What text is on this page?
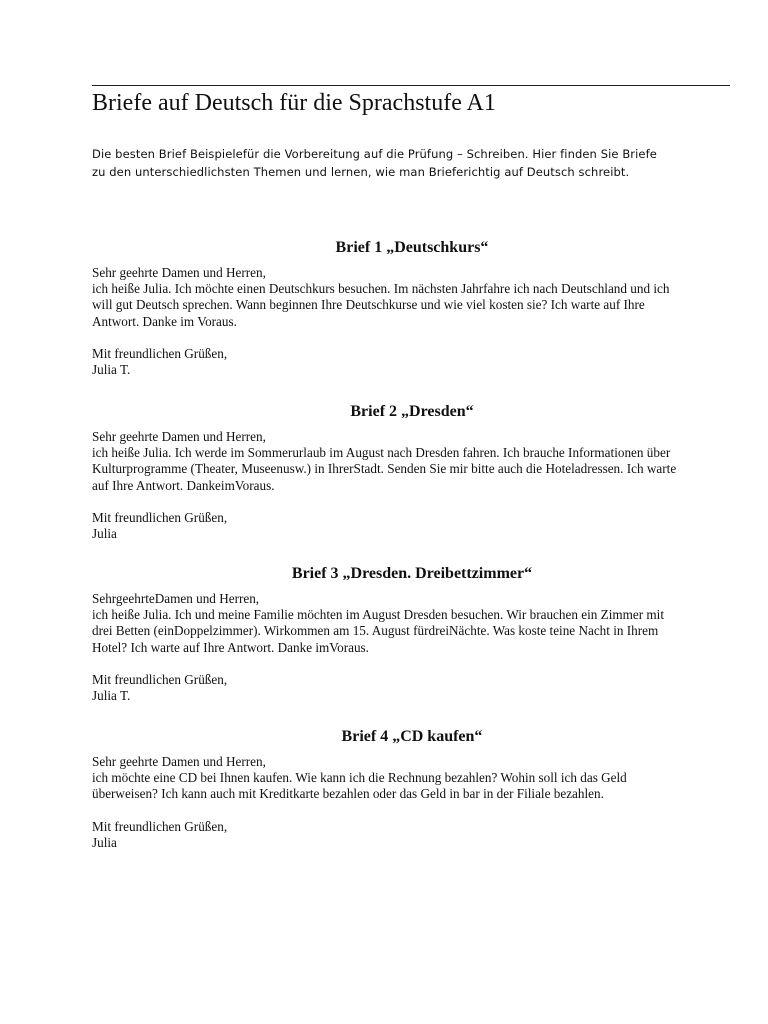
Briefe auf Deutsch für die Sprachstufe A1
Die besten Brief Beispielefür die Vorbereitung auf die Prüfung – Schreiben. Hier finden Sie Briefe
zu den unterschiedlichsten Themen und lernen, wie man Brieferichtig auf Deutsch schreibt.
Brief 1 „Deutschkurs“
Sehr geehrte Damen und Herren,
ich heiße Julia. Ich möchte einen Deutschkurs besuchen. Im nächsten Jahrfahre ich nach Deutschland und ich
will gut Deutsch sprechen. Wann beginnen Ihre Deutschkurse und wie viel kosten sie? Ich warte auf Ihre
Antwort. Danke im Voraus.
Mit freundlichen Grüßen,
Julia T.
Brief 2 „Dresden“
Sehr geehrte Damen und Herren,
ich heiße Julia. Ich werde im Sommerurlaub im August nach Dresden fahren. Ich brauche Informationen über
Kulturprogramme (Theater, Museenusw.) in IhrerStadt. Senden Sie mir bitte auch die Hoteladressen. Ich warte
auf Ihre Antwort. DankeimVoraus.
Mit freundlichen Grüßen,
Julia
Brief 3 „Dresden. Dreibettzimmer“
SehrgeehrteDamen und Herren,
ich heiße Julia. Ich und meine Familie möchten im August Dresden besuchen. Wir brauchen ein Zimmer mit
drei Betten (einDoppelzimmer). Wirkommen am 15. August fürdreiNächte. Was koste teine Nacht in Ihrem
Hotel? Ich warte auf Ihre Antwort. Danke imVoraus.
Mit freundlichen Grüßen,
Julia T.
Brief 4 „CD kaufen“
Sehr geehrte Damen und Herren,
ich möchte eine CD bei Ihnen kaufen. Wie kann ich die Rechnung bezahlen? Wohin soll ich das Geld
überweisen? Ich kann auch mit Kreditkarte bezahlen oder das Geld in bar in der Filiale bezahlen.
Mit freundlichen Grüßen,
Julia
